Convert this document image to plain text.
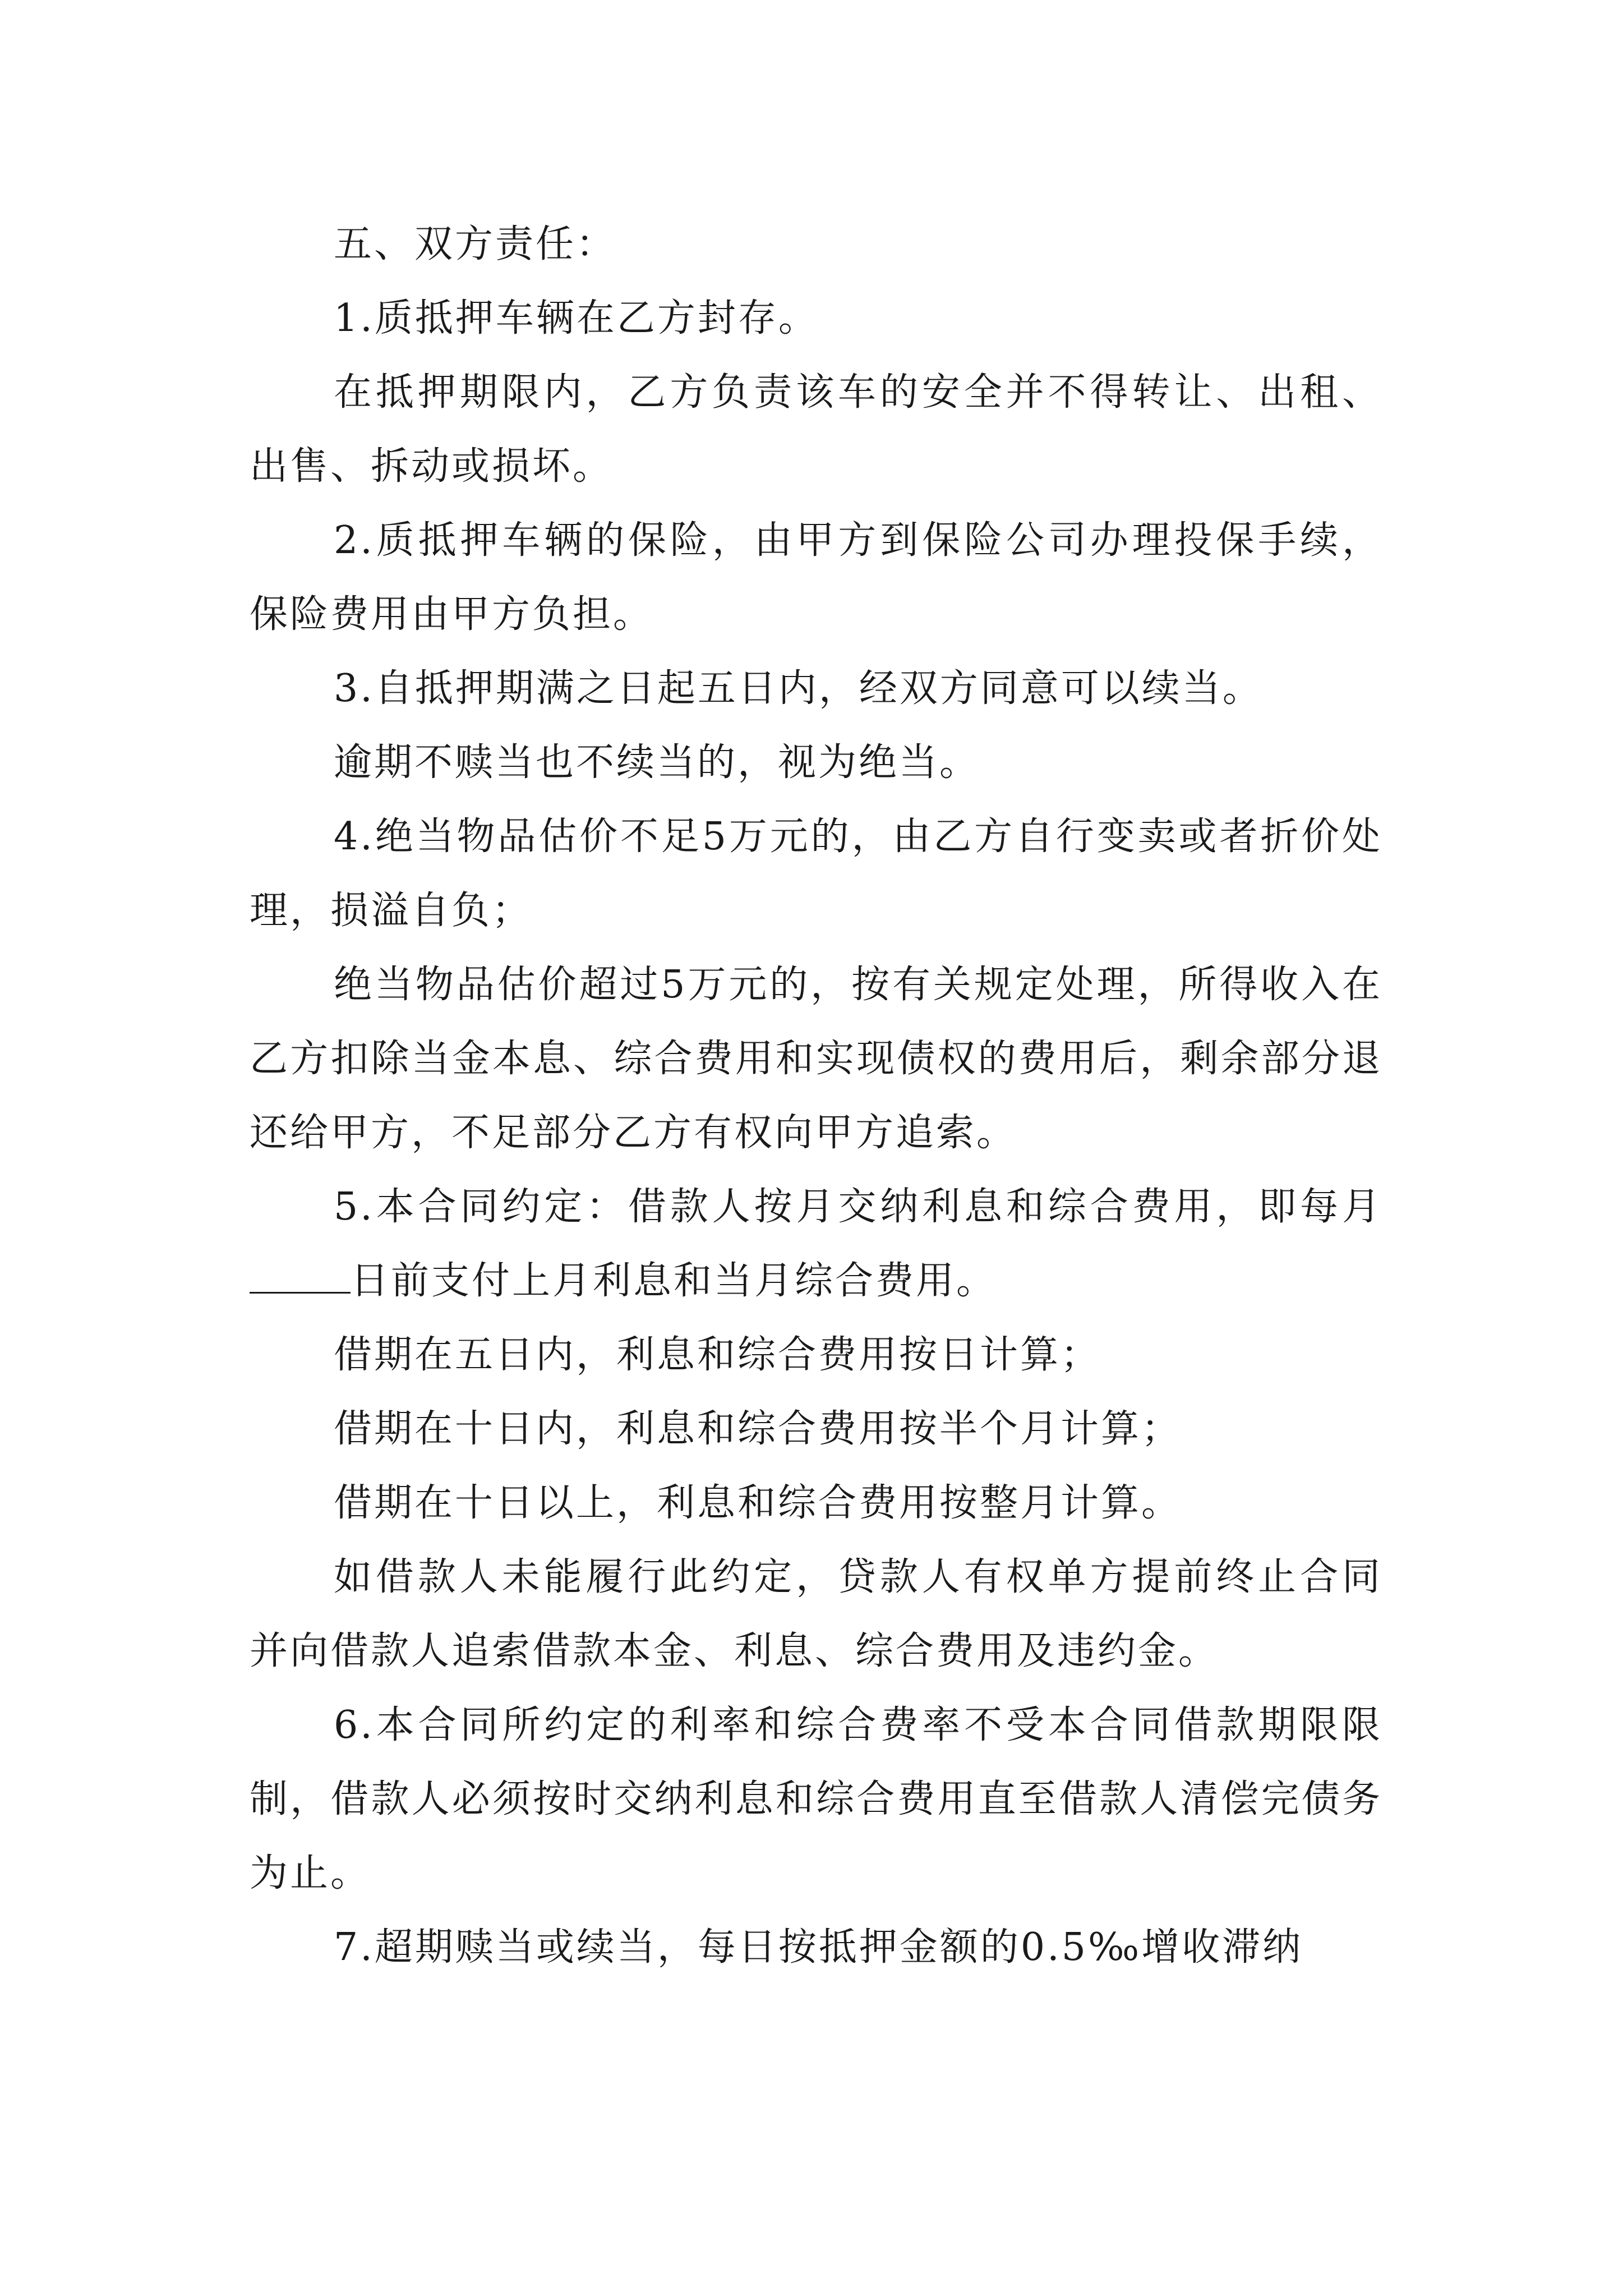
五、双方责任：

1.质抵押车辆在乙方封存。

在抵押期限内，乙方负责该车的安全并不得转让、出租、出售、拆动或损坏。

2.质抵押车辆的保险，由甲方到保险公司办理投保手续，保险费用由甲方负担。

3.自抵押期满之日起五日内，经双方同意可以续当。

逾期不赎当也不续当的，视为绝当。

4.绝当物品估价不足5万元的，由乙方自行变卖或者折价处理，损溢自负；

绝当物品估价超过5万元的，按有关规定处理，所得收入在乙方扣除当金本息、综合费用和实现债权的费用后，剩余部分退还给甲方，不足部分乙方有权向甲方追索。

5.本合同约定：借款人按月交纳利息和综合费用，即每月日前支付上月利息和当月综合费用。

借期在五日内，利息和综合费用按日计算；

借期在十日内，利息和综合费用按半个月计算；

借期在十日以上，利息和综合费用按整月计算。

如借款人未能履行此约定，贷款人有权单方提前终止合同并向借款人追索借款本金、利息、综合费用及违约金。

6.本合同所约定的利率和综合费率不受本合同借款期限限制，借款人必须按时交纳利息和综合费用直至借款人清偿完债务为止。

7.超期赎当或续当，每日按抵押金额的0.5‰增收滞纳
